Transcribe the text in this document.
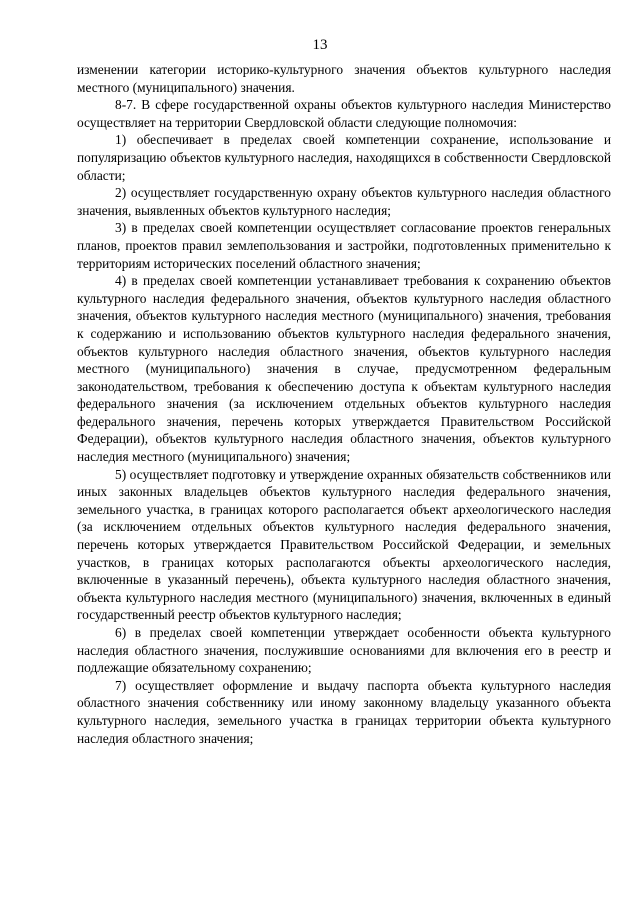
13

изменении категории историко-культурного значения объектов культурного наследия местного (муниципального) значения.

8-7. В сфере государственной охраны объектов культурного наследия Министерство осуществляет на территории Свердловской области следующие полномочия:

1) обеспечивает в пределах своей компетенции сохранение, использование и популяризацию объектов культурного наследия, находящихся в собственности Свердловской области;

2) осуществляет государственную охрану объектов культурного наследия областного значения, выявленных объектов культурного наследия;

3) в пределах своей компетенции осуществляет согласование проектов генеральных планов, проектов правил землепользования и застройки, подготовленных применительно к территориям исторических поселений областного значения;

4) в пределах своей компетенции устанавливает требования к сохранению объектов культурного наследия федерального значения, объектов культурного наследия областного значения, объектов культурного наследия местного (муниципального) значения, требования к содержанию и использованию объектов культурного наследия федерального значения, объектов культурного наследия областного значения, объектов культурного наследия местного (муниципального) значения в случае, предусмотренном федеральным законодательством, требования к обеспечению доступа к объектам культурного наследия федерального значения (за исключением отдельных объектов культурного наследия федерального значения, перечень которых утверждается Правительством Российской Федерации), объектов культурного наследия областного значения, объектов культурного наследия местного (муниципального) значения;

5) осуществляет подготовку и утверждение охранных обязательств собственников или иных законных владельцев объектов культурного наследия федерального значения, земельного участка, в границах которого располагается объект археологического наследия (за исключением отдельных объектов культурного наследия федерального значения, перечень которых утверждается Правительством Российской Федерации, и земельных участков, в границах которых располагаются объекты археологического наследия, включенные в указанный перечень), объекта культурного наследия областного значения, объекта культурного наследия местного (муниципального) значения, включенных в единый государственный реестр объектов культурного наследия;

6) в пределах своей компетенции утверждает особенности объекта культурного наследия областного значения, послужившие основаниями для включения его в реестр и подлежащие обязательному сохранению;

7) осуществляет оформление и выдачу паспорта объекта культурного наследия областного значения собственнику или иному законному владельцу указанного объекта культурного наследия, земельного участка в границах территории объекта культурного наследия областного значения;
